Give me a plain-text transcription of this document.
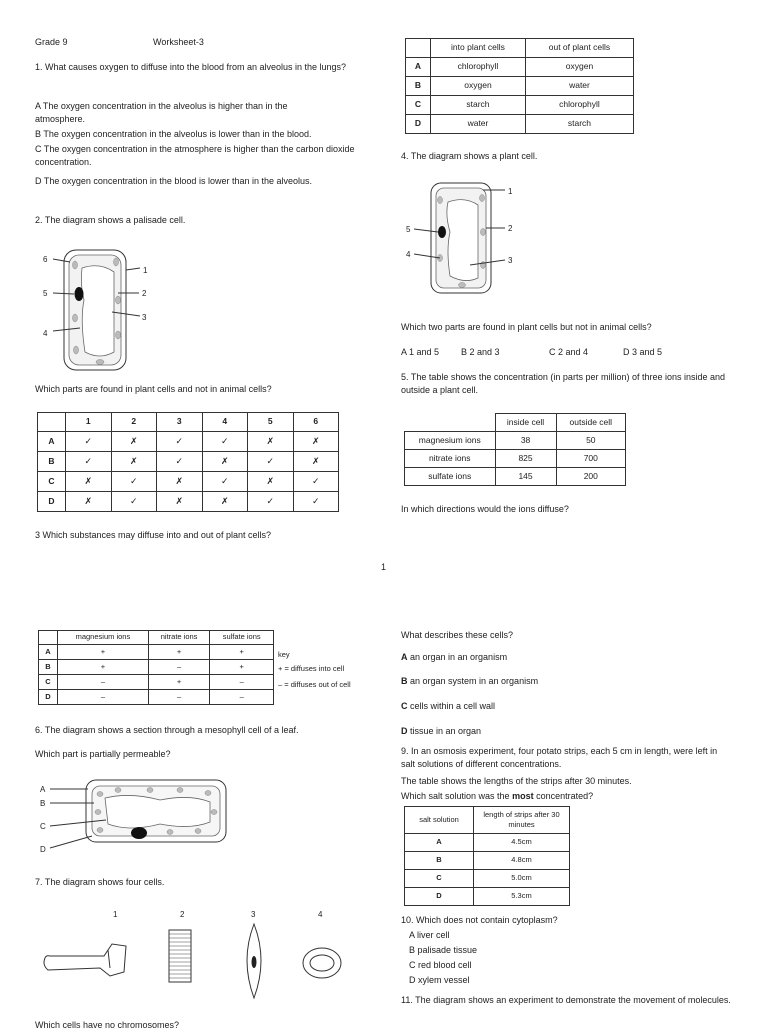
Grade 9	Worksheet-3
1. What causes oxygen to diffuse into the blood from an alveolus in the lungs?
A The oxygen concentration in the alveolus is higher than in the atmosphere.
B The oxygen concentration in the alveolus is lower than in the blood.
C The oxygen concentration in the atmosphere is higher than the carbon dioxide concentration.
D The oxygen concentration in the blood is lower than in the alveolus.
2. The diagram shows a palisade cell.
1
2
3
4
5
6
Which parts are found in plant cells and not in animal cells?
	1	2	3	4	5	6
A	✓	✗	✓	✓	✗	✗
B	✓	✗	✓	✗	✓	✗
C	✗	✓	✗	✓	✗	✓
D	✗	✓	✗	✗	✓	✓
3 Which substances may diffuse into and out of plant cells?
	into plant cells	out of plant cells
A	chlorophyll	oxygen
B	oxygen	water
C	starch	chlorophyll
D	water	starch
4. The diagram shows a plant cell.
1
2
3
4
5
Which two parts are found in plant cells but not in animal cells?
A 1 and 5 B 2 and 3	C 2 and 4	D 3 and 5
5. The table shows the concentration (in parts per million) of three ions inside and outside a plant cell.
	inside cell	outside cell
magnesium ions	38	50
nitrate ions	825	700
sulfate ions	145	200
In which directions would the ions diffuse?
1
	magnesium ions	nitrate ions	sulfate ions
A	+	+	+
B	+	–	+
C	–	+	–
D	–	–	–
key
+ = diffuses into cell
– = diffuses out of cell
6. The diagram shows a section through a mesophyll cell of a leaf.
Which part is partially permeable?
A
B
C
D
7. The diagram shows four cells.
1	2	3	4
Which cells have no chromosomes?
What describes these cells?
A an organ in an organism
B an organ system in an organism
C cells within a cell wall
D tissue in an organ
9. In an osmosis experiment, four potato strips, each 5 cm in length, were left in salt solutions of different concentrations.
The table shows the lengths of the strips after 30 minutes.
Which salt solution was the most concentrated?
salt solution	length of strips after 30 minutes
A	4.5cm
B	4.8cm
C	5.0cm
D	5.3cm
10. Which does not contain cytoplasm?
A liver cell
B palisade tissue
C red blood cell
D xylem vessel
11. The diagram shows an experiment to demonstrate the movement of molecules.
